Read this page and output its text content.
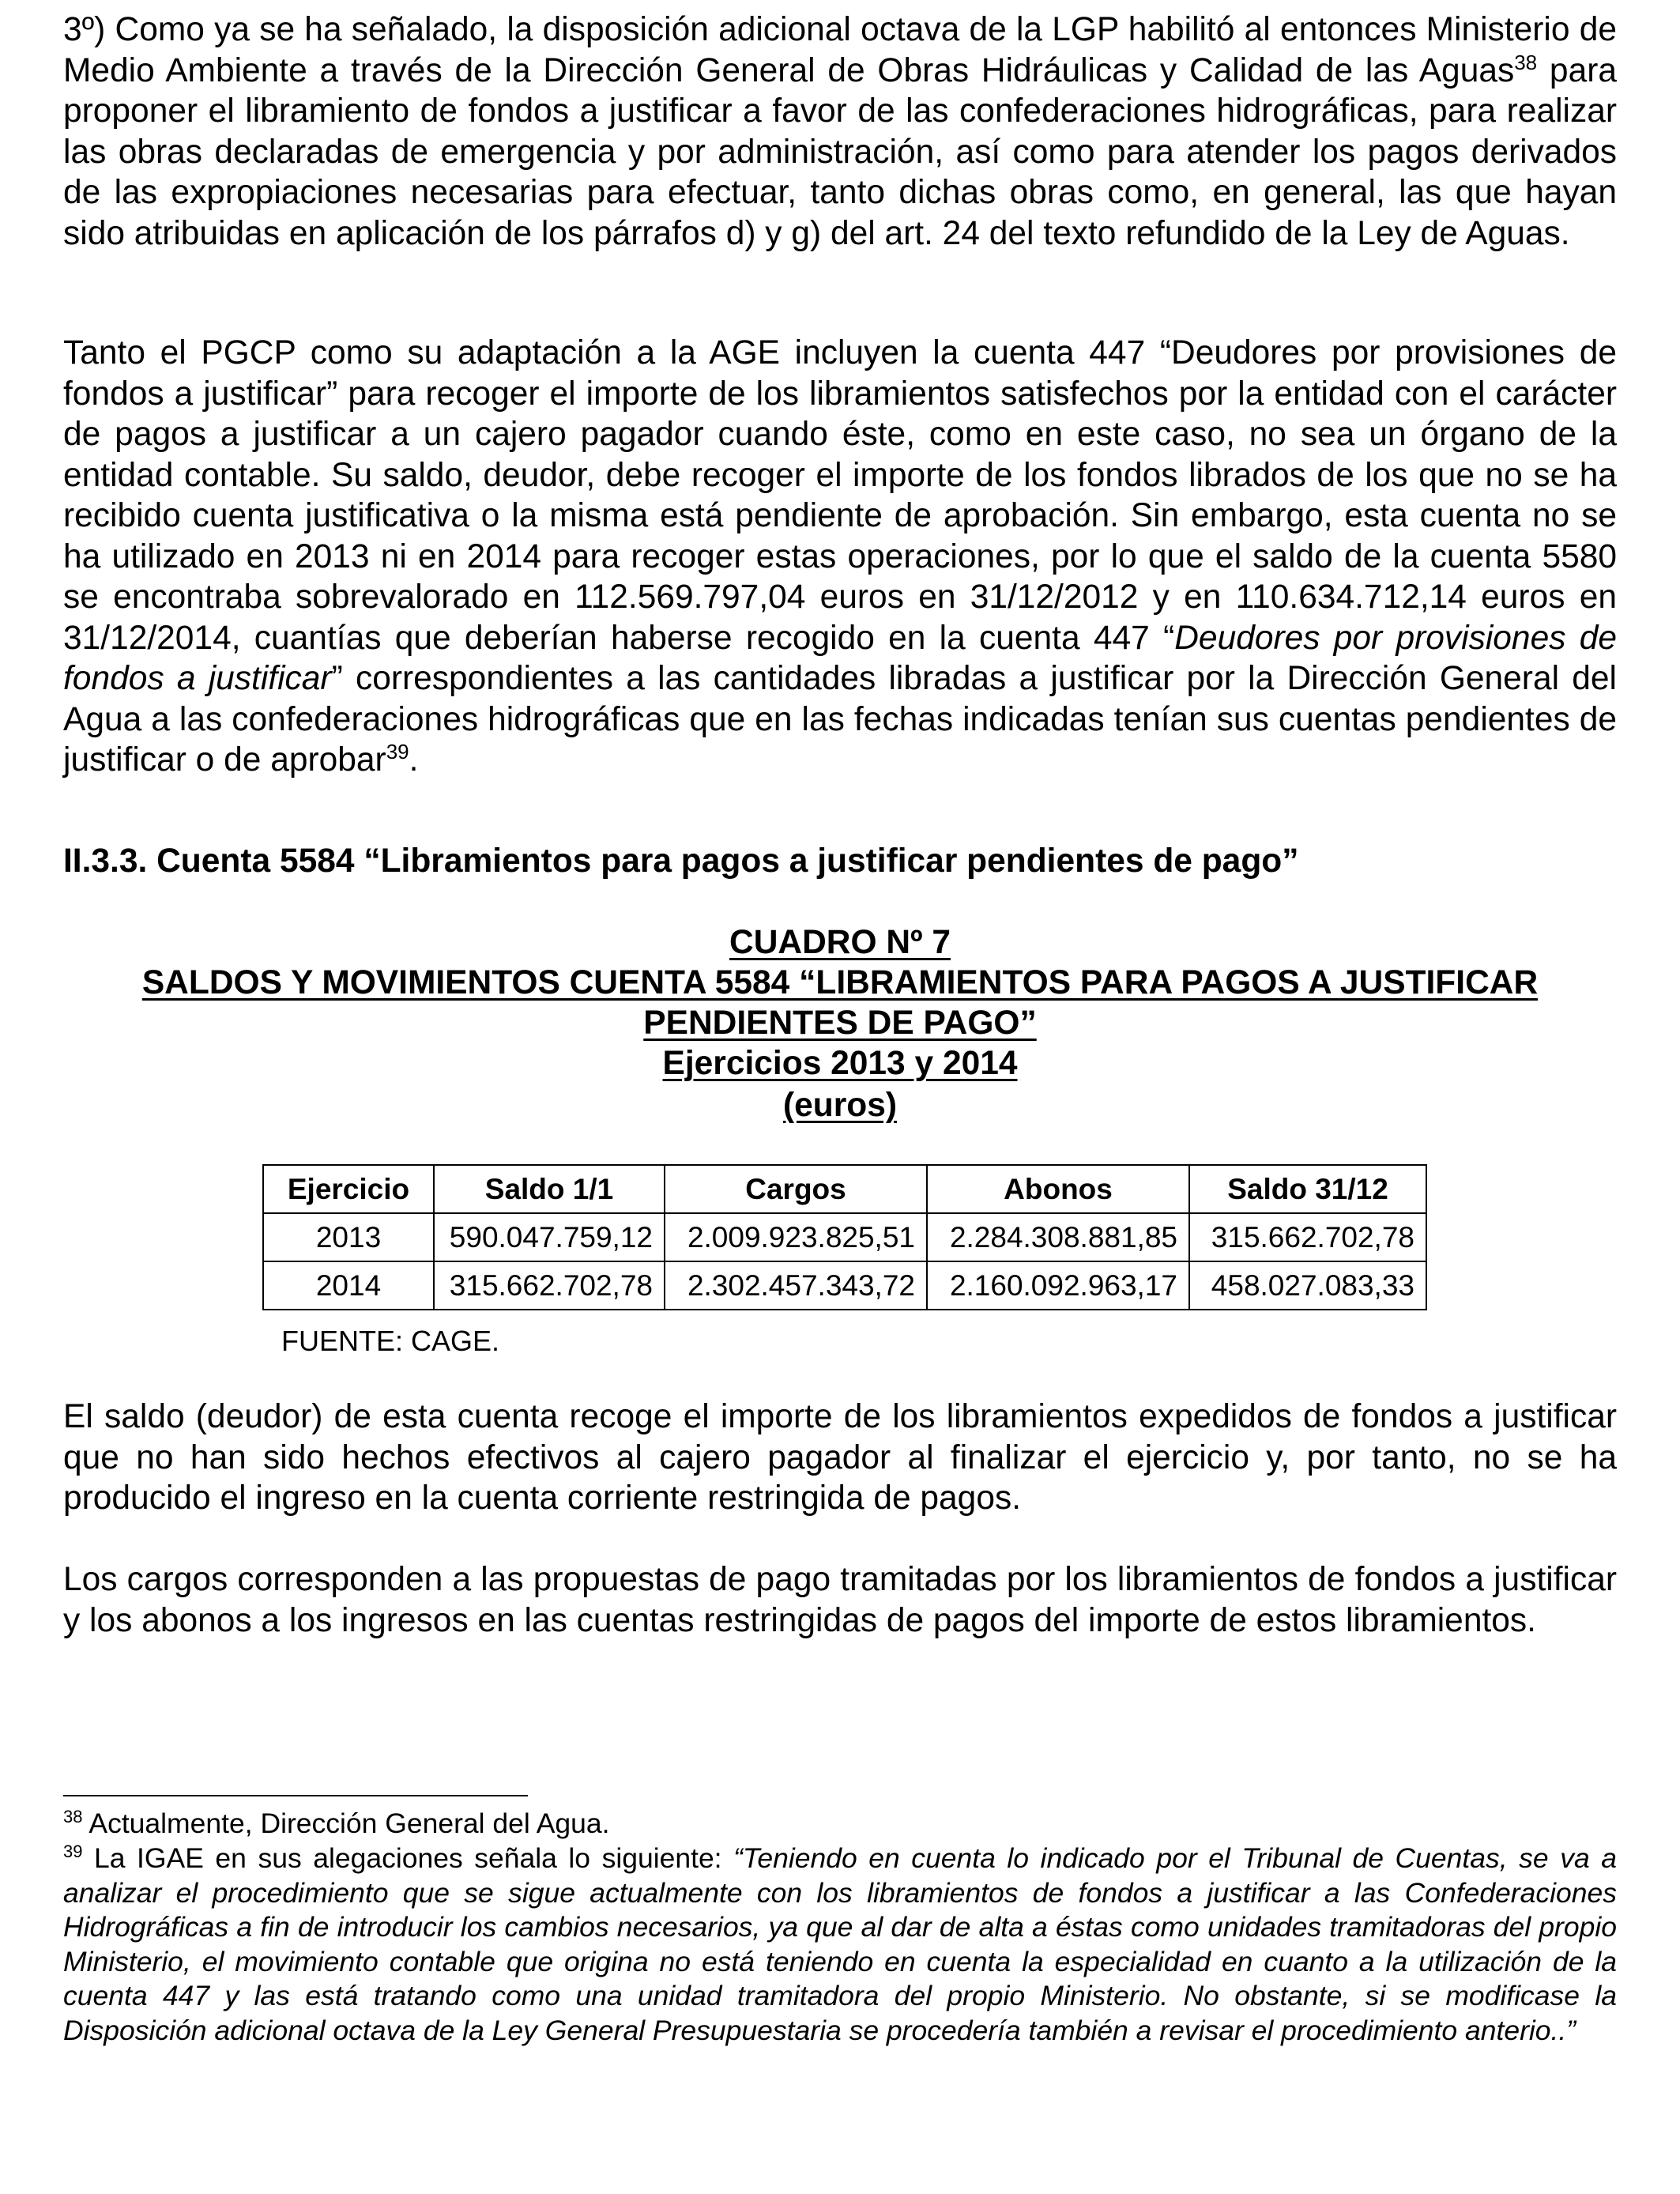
3º) Como ya se ha señalado, la disposición adicional octava de la LGP habilitó al entonces Ministerio de Medio Ambiente a través de la Dirección General de Obras Hidráulicas y Calidad de las Aguas$^{38}$ para proponer el libramiento de fondos a justificar a favor de las confederaciones hidrográficas, para realizar las obras declaradas de emergencia y por administración, así como para atender los pagos derivados de las expropiaciones necesarias para efectuar, tanto dichas obras como, en general, las que hayan sido atribuidas en aplicación de los párrafos d) y g) del art. 24 del texto refundido de la Ley de Aguas.

Tanto el PGCP como su adaptación a la AGE incluyen la cuenta 447 “Deudores por provisiones de fondos a justificar” para recoger el importe de los libramientos satisfechos por la entidad con el carácter de pagos a justificar a un cajero pagador cuando éste, como en este caso, no sea un órgano de la entidad contable. Su saldo, deudor, debe recoger el importe de los fondos librados de los que no se ha recibido cuenta justificativa o la misma está pendiente de aprobación. Sin embargo, esta cuenta no se ha utilizado en 2013 ni en 2014 para recoger estas operaciones, por lo que el saldo de la cuenta 5580 se encontraba sobrevalorado en 112.569.797,04 euros en 31/12/2012 y en 110.634.712,14 euros en 31/12/2014, cuantías que deberían haberse recogido en la cuenta 447 “Deudores por provisiones de fondos a justificar” correspondientes a las cantidades libradas a justificar por la Dirección General del Agua a las confederaciones hidrográficas que en las fechas indicadas tenían sus cuentas pendientes de justificar o de aprobar$^{39}$.

II.3.3. Cuenta 5584 “Libramientos para pagos a justificar pendientes de pago”
CUADRO Nº 7
SALDOS Y MOVIMIENTOS CUENTA 5584 “LIBRAMIENTOS PARA PAGOS A JUSTIFICAR
PENDIENTES DE PAGO”
Ejercicios 2013 y 2014
(euros)
Ejercicio	Saldo 1/1	Cargos	Abonos	Saldo 31/12
2013	590.047.759,12	2.009.923.825,51	2.284.308.881,85	315.662.702,78
2014	315.662.702,78	2.302.457.343,72	2.160.092.963,17	458.027.083,33
FUENTE: CAGE.

El saldo (deudor) de esta cuenta recoge el importe de los libramientos expedidos de fondos a justificar que no han sido hechos efectivos al cajero pagador al finalizar el ejercicio y, por tanto, no se ha producido el ingreso en la cuenta corriente restringida de pagos.

Los cargos corresponden a las propuestas de pago tramitadas por los libramientos de fondos a justificar y los abonos a los ingresos en las cuentas restringidas de pagos del importe de estos libramientos.

$^{38}$ Actualmente, Dirección General del Agua.

$^{39}$ La IGAE en sus alegaciones señala lo siguiente: “Teniendo en cuenta lo indicado por el Tribunal de Cuentas, se va a analizar el procedimiento que se sigue actualmente con los libramientos de fondos a justificar a las Confederaciones Hidrográficas a fin de introducir los cambios necesarios, ya que al dar de alta a éstas como unidades tramitadoras del propio Ministerio, el movimiento contable que origina no está teniendo en cuenta la especialidad en cuanto a la utilización de la cuenta 447 y las está tratando como una unidad tramitadora del propio Ministerio. No obstante, si se modificase la Disposición adicional octava de la Ley General Presupuestaria se procedería también a revisar el procedimiento anterio..”
